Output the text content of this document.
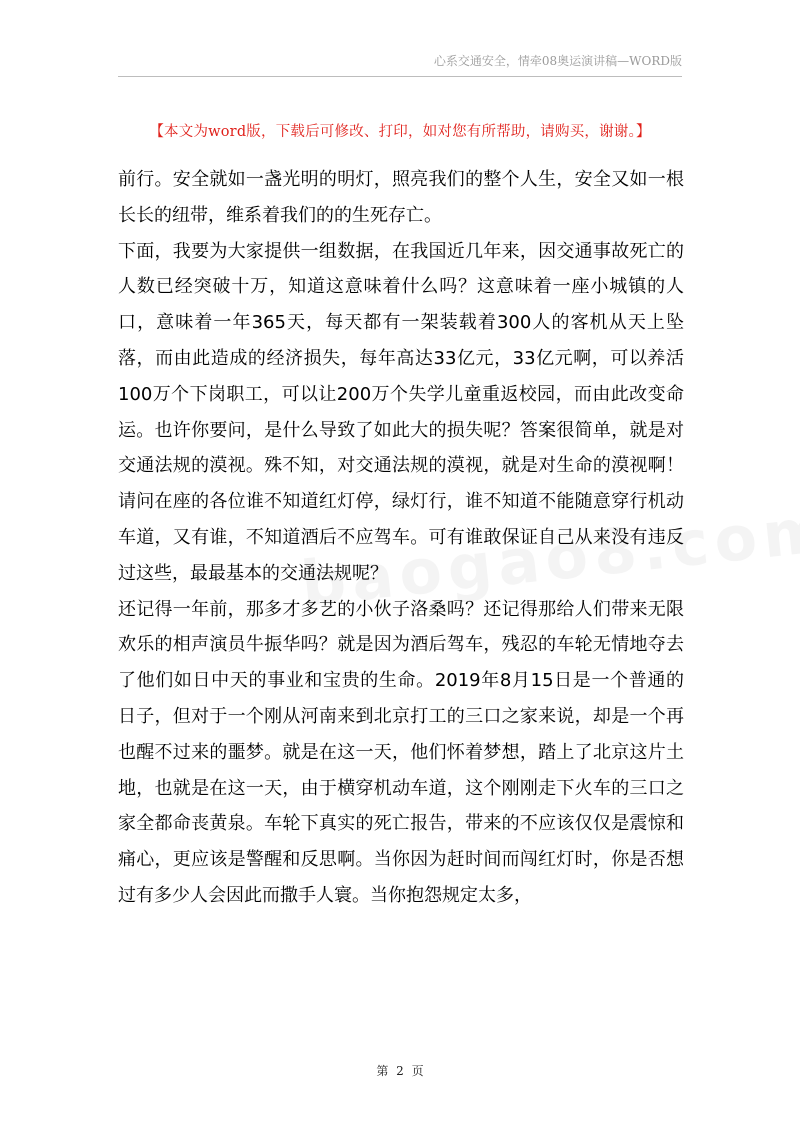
心系交通安全，情牵08奥运演讲稿—WORD版
【本文为word版，下载后可修改、打印，如对您有所帮助，请购买，谢谢。】

前行。安全就如一盏光明的明灯，照亮我们的整个人生，安全又如一根长长的纽带，维系着我们的的生死存亡。

下面，我要为大家提供一组数据，在我国近几年来，因交通事故死亡的人数已经突破十万，知道这意味着什么吗？这意味着一座小城镇的人口，意味着一年365天，每天都有一架装载着300人的客机从天上坠落，而由此造成的经济损失，每年高达33亿元，33亿元啊，可以养活100万个下岗职工，可以让200万个失学儿童重返校园，而由此改变命运。也许你要问，是什么导致了如此大的损失呢？答案很简单，就是对交通法规的漠视。殊不知，对交通法规的漠视，就是对生命的漠视啊！请问在座的各位谁不知道红灯停，绿灯行，谁不知道不能随意穿行机动车道，又有谁，不知道酒后不应驾车。可有谁敢保证自己从来没有违反过这些，最最基本的交通法规呢？

还记得一年前，那多才多艺的小伙子洛桑吗？还记得那给人们带来无限欢乐的相声演员牛振华吗？就是因为酒后驾车，残忍的车轮无情地夺去了他们如日中天的事业和宝贵的生命。2019年8月15日是一个普通的日子，但对于一个刚从河南来到北京打工的三口之家来说，却是一个再也醒不过来的噩梦。就是在这一天，他们怀着梦想，踏上了北京这片土地，也就是在这一天，由于横穿机动车道，这个刚刚走下火车的三口之家全都命丧黄泉。车轮下真实的死亡报告，带来的不应该仅仅是震惊和痛心，更应该是警醒和反思啊。当你因为赶时间而闯红灯时，你是否想过有多少人会因此而撒手人寰。当你抱怨规定太多，

第 2 页
